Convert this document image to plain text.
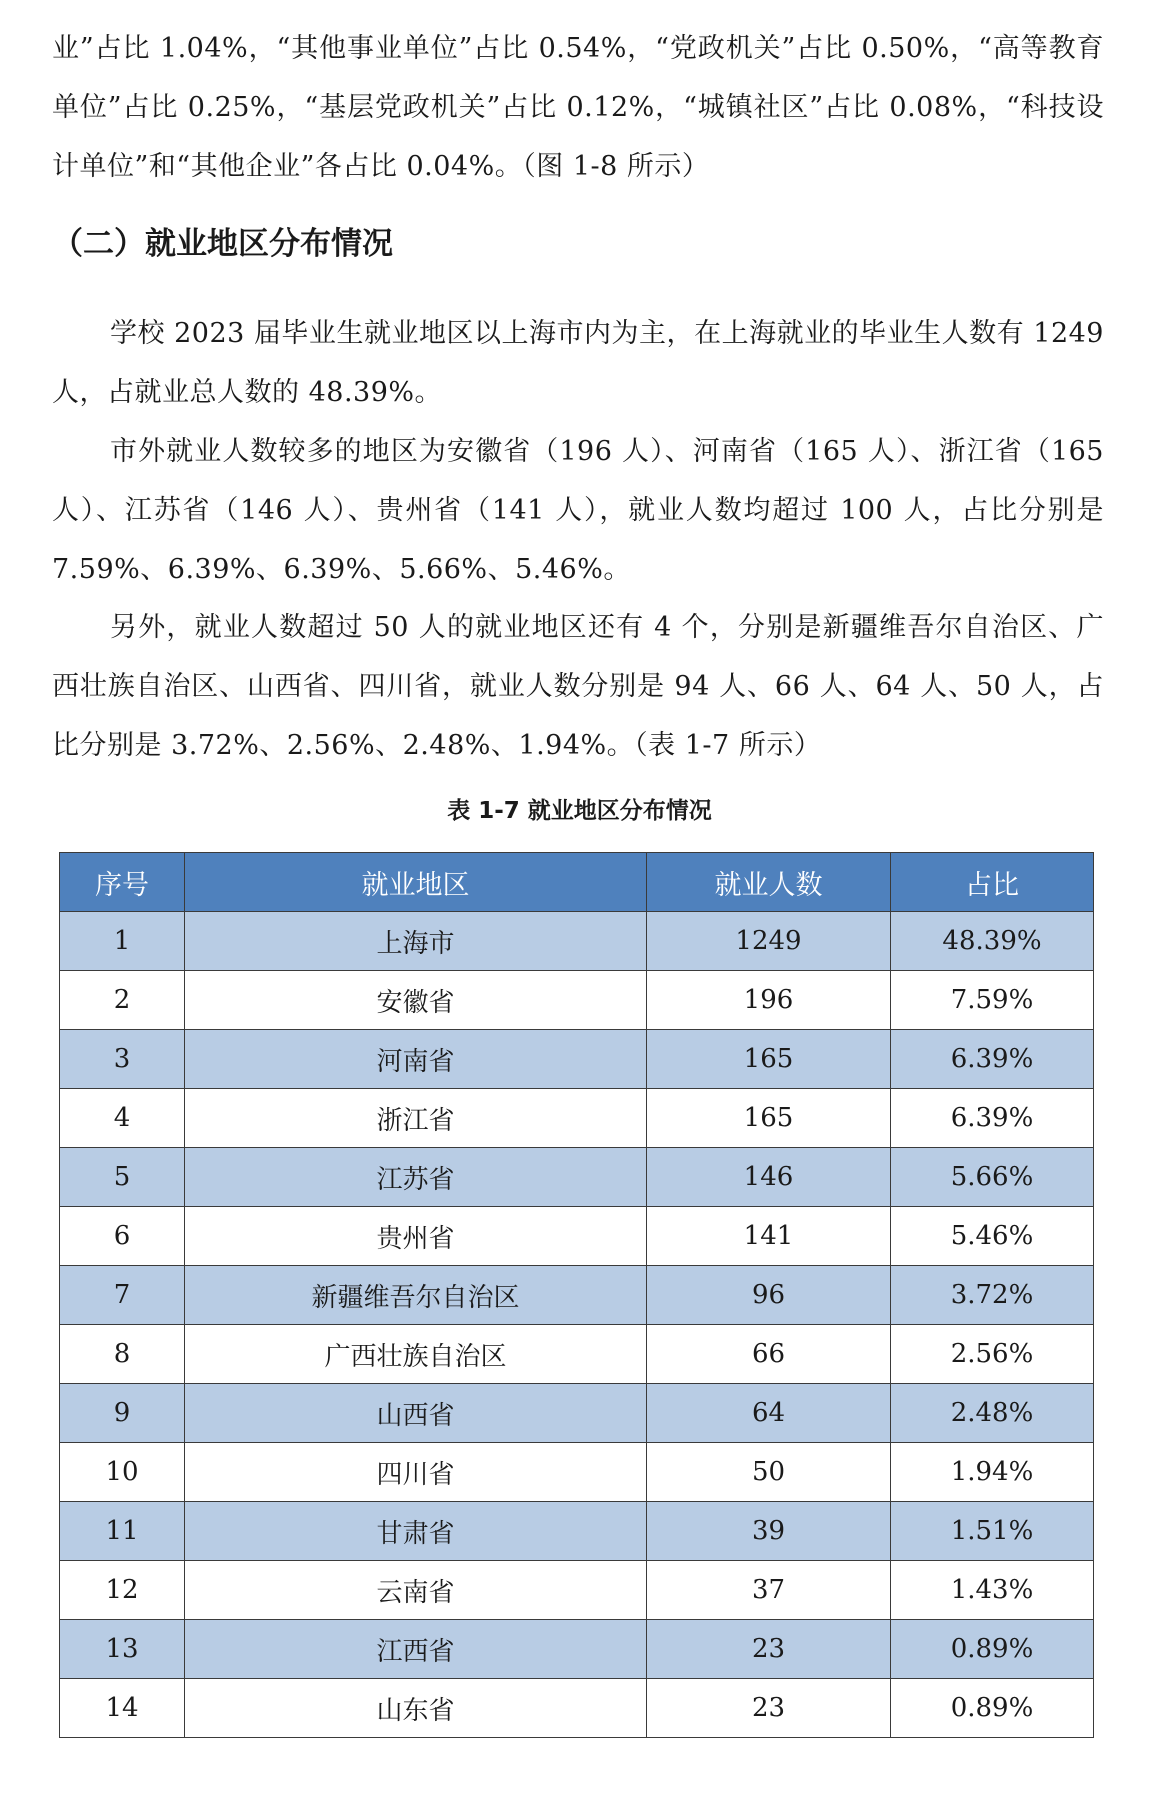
业”占比 1.04%，“其他事业单位”占比 0.54%，“党政机关”占比 0.50%，“高等教育单位”占比 0.25%，“基层党政机关”占比 0.12%，“城镇社区”占比 0.08%，“科技设计单位”和“其他企业”各占比 0.04%。（图 1-8 所示）

（二）就业地区分布情况

学校 2023 届毕业生就业地区以上海市内为主，在上海就业的毕业生人数有 1249 人，占就业总人数的 48.39%。

市外就业人数较多的地区为安徽省（196 人）、河南省（165 人）、浙江省（165 人）、江苏省（146 人）、贵州省（141 人），就业人数均超过 100 人，占比分别是 7.59%、6.39%、6.39%、5.66%、5.46%。

另外，就业人数超过 50 人的就业地区还有 4 个，分别是新疆维吾尔自治区、广西壮族自治区、山西省、四川省，就业人数分别是 94 人、66 人、64 人、50 人，占比分别是 3.72%、2.56%、2.48%、1.94%。（表 1-7 所示）

表 1-7 就业地区分布情况

序号	就业地区	就业人数	占比
1	上海市	1249	48.39%
2	安徽省	196	7.59%
3	河南省	165	6.39%
4	浙江省	165	6.39%
5	江苏省	146	5.66%
6	贵州省	141	5.46%
7	新疆维吾尔自治区	96	3.72%
8	广西壮族自治区	66	2.56%
9	山西省	64	2.48%
10	四川省	50	1.94%
11	甘肃省	39	1.51%
12	云南省	37	1.43%
13	江西省	23	0.89%
14	山东省	23	0.89%
